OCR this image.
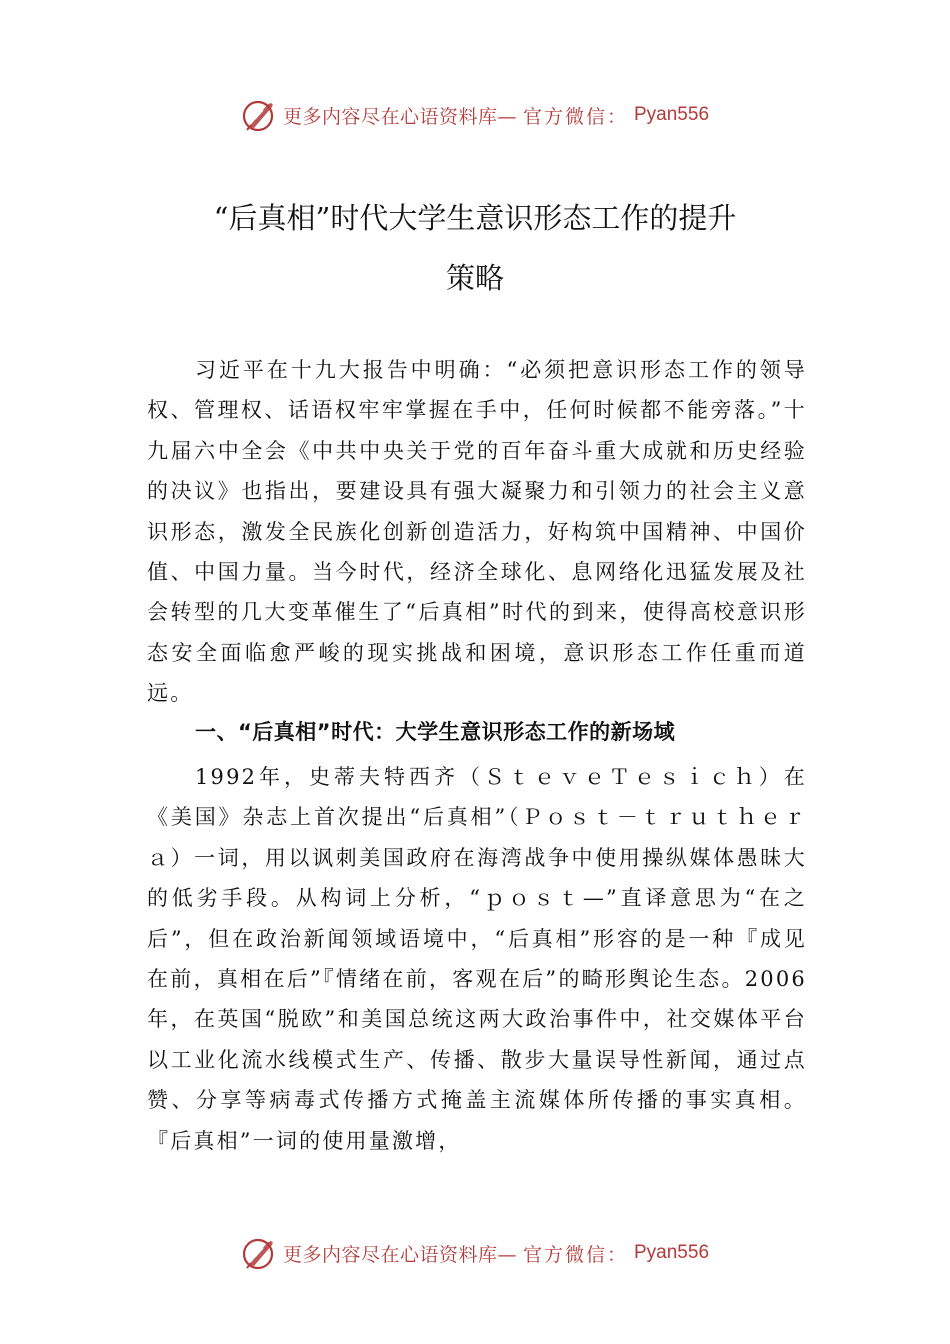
更多内容尽在心语资料库— 官方微信： Pyan556
“后真相”时代大学生意识形态工作的提升
策略
习近平在十九大报告中明确：“必须把意识形态工作的领导权、管理权、话语权牢牢掌握在手中，任何时候都不能旁落。”十九届六中全会《中共中央关于党的百年奋斗重大成就和历史经验的决议》也指出，要建设具有强大凝聚力和引领力的社会主义意识形态，激发全民族化创新创造活力，好构筑中国精神、中国价值、中国力量。当今时代，经济全球化、息网络化迅猛发展及社会转型的几大变革催生了“后真相”时代的到来，使得高校意识形态安全面临愈严峻的现实挑战和困境，意识形态工作任重而道远。
一、“后真相”时代：大学生意识形态工作的新场域
1992年，史蒂夫特西齐（ＳｔｅｖｅＴｅｓｉｃｈ）在《美国》杂志上首次提出“后真相”（Ｐｏｓｔ－ｔｒｕｔｈｅｒａ）一词，用以讽刺美国政府在海湾战争中使用操纵媒体愚昧大的低劣手段。从构词上分析，“ｐｏｓｔ—”直译意思为“在之后”，但在政治新闻领域语境中，“后真相”形容的是一种『成见在前，真相在后”『情绪在前，客观在后”的畸形舆论生态。2006年，在英国“脱欧”和美国总统这两大政治事件中，社交媒体平台以工业化流水线模式生产、传播、散步大量误导性新闻，通过点赞、分享等病毒式传播方式掩盖主流媒体所传播的事实真相。『后真相”一词的使用量激增，
更多内容尽在心语资料库— 官方微信： Pyan556
